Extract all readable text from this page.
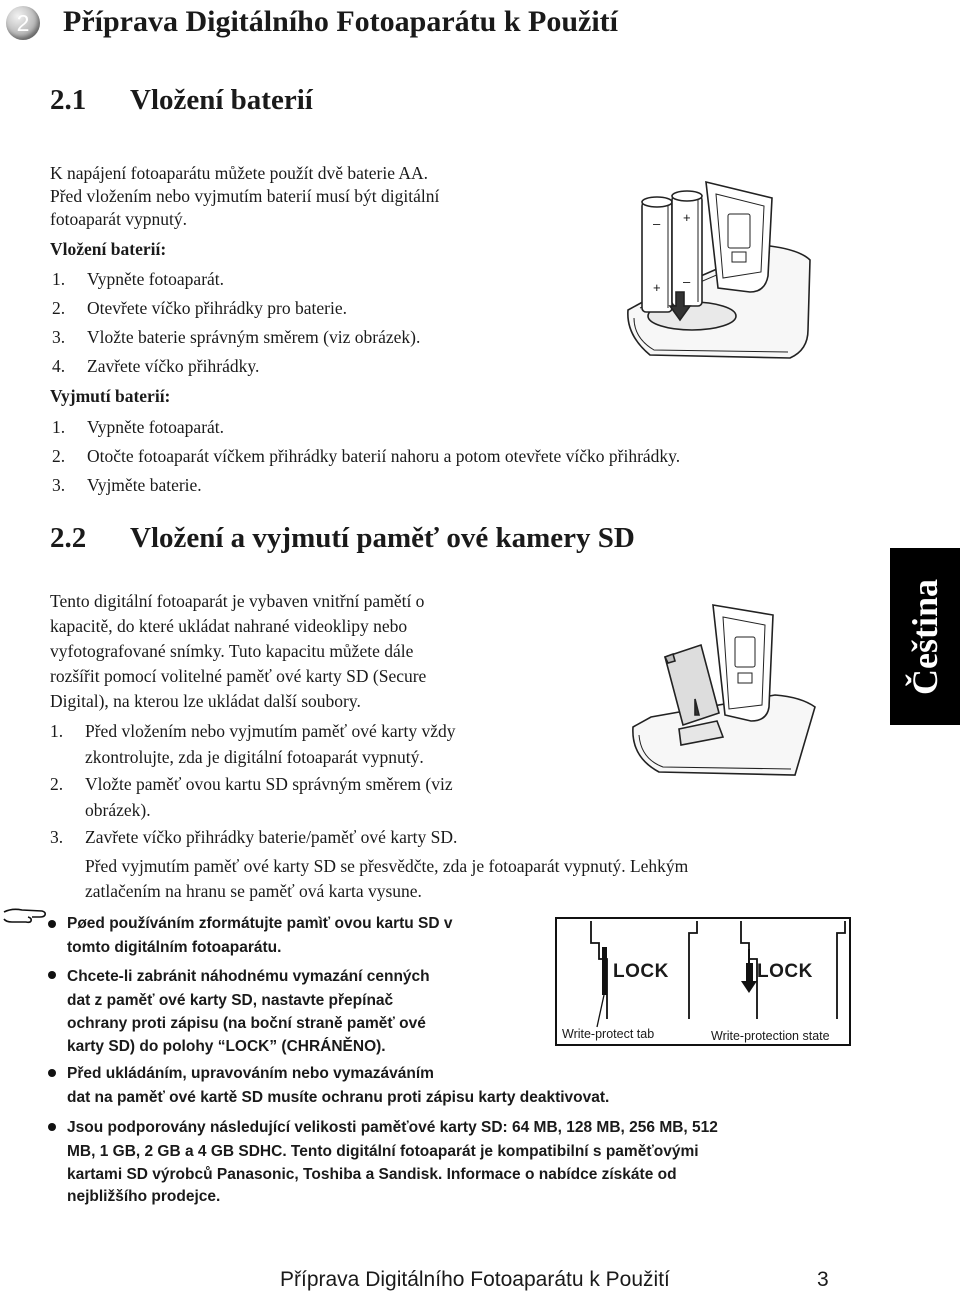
2	Příprava Digitálního Fotoaparátu k Použití
2.1 Vložení baterií
K napájení fotoaparátu můžete použít dvě baterie AA.
Před vložením nebo vyjmutím baterií musí být digitální
fotoaparát vypnutý.
Vložení baterií:
1. Vypněte fotoaparát.
2. Otevřete víčko přihrádky pro baterie.
3. Vložte baterie správným směrem (viz obrázek).
4. Zavřete víčko přihrádky.
Vyjmutí baterií:
1. Vypněte fotoaparát.
2. Otočte fotoaparát víčkem přihrádky baterií nahoru a potom otevřete víčko přihrádky.
3. Vyjměte baterie.
– +
+ –
2.2 Vložení a vyjmutí paměť ové kamery SD
Tento digitální fotoaparát je vybaven vnitřní pamětí o
kapacitě, do které ukládat nahrané videoklipy nebo
vyfotografované snímky. Tuto kapacitu můžete dále
rozšířit pomocí volitelné paměť ové karty SD (Secure
Digital), na kterou lze ukládat další soubory.
1. Před vložením nebo vyjmutím paměť ové karty vždy
zkontrolujte, zda je digitální fotoaparát vypnutý.
2. Vložte paměť ovou kartu SD správným směrem (viz
obrázek).
3. Zavřete víčko přihrádky baterie/paměť ové karty SD.
Před vyjmutím paměť ové karty SD se přesvědčte, zda je fotoaparát vypnutý. Lehkým
zatlačením na hranu se paměť ová karta vysune.
Čeština
Pøed používáním zformátujte pamìť ovou kartu SD v
tomto digitálním fotoaparátu.
Chcete-li zabránit náhodnému vymazání cenných
dat z paměť ové karty SD, nastavte přepínač
ochrany proti zápisu (na boční straně paměť ové
karty SD) do polohy “LOCK” (CHRÁNĚNO).
Před ukládáním, upravováním nebo vymazáváním
dat na paměť ové kartě SD musíte ochranu proti zápisu karty deaktivovat.
Jsou podporovány následující velikosti paměťové karty SD: 64 MB, 128 MB, 256 MB, 512
MB, 1 GB, 2 GB a 4 GB SDHC. Tento digitální fotoaparát je kompatibilní s paměťovými
kartami SD výrobců Panasonic, Toshiba a Sandisk. Informace o nabídce získáte od
nejbližšího prodejce.
LOCK	LOCK
Write-protect tab	Write-protection state
Příprava Digitálního Fotoaparátu k Použití	3
